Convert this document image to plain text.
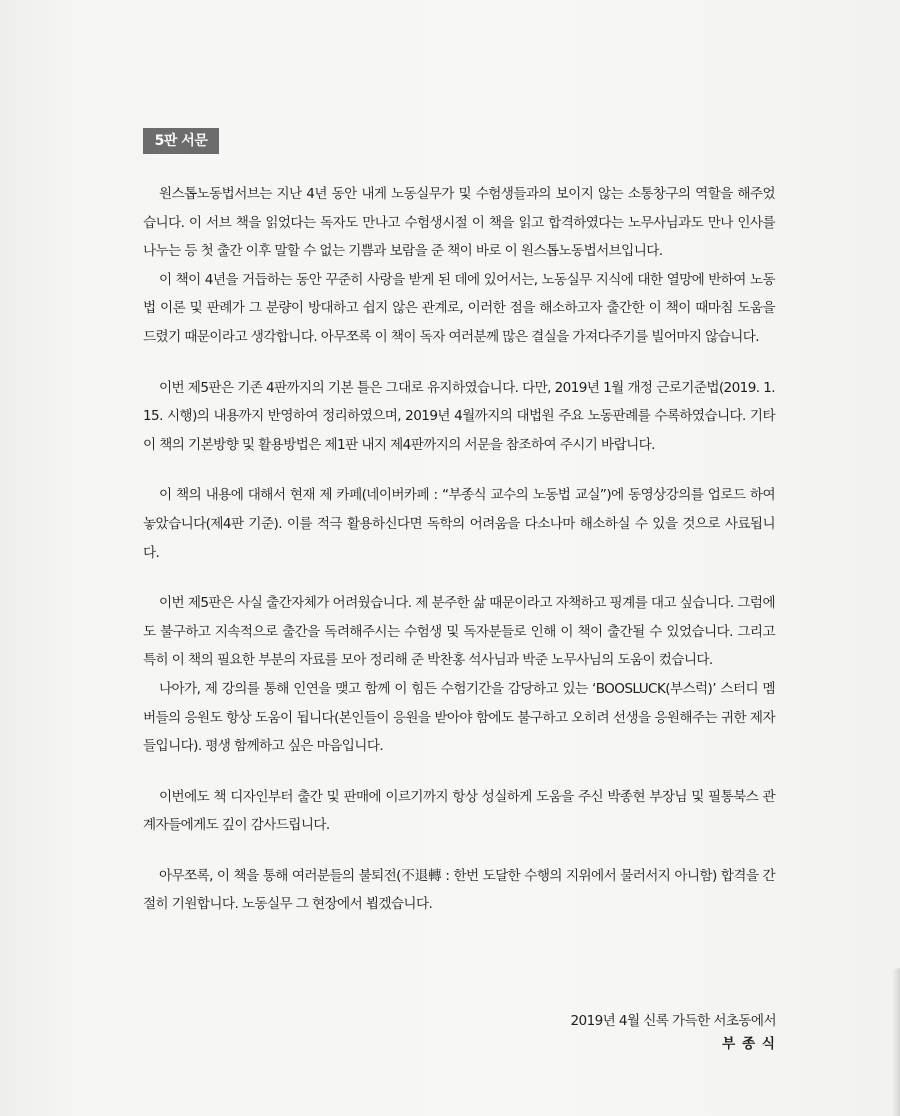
5판 서문

원스톱노동법서브는 지난 4년 동안 내게 노동실무가 및 수험생들과의 보이지 않는 소통창구의 역할을 해주었습니다. 이 서브 책을 읽었다는 독자도 만나고 수험생시절 이 책을 읽고 합격하였다는 노무사님과도 만나 인사를 나누는 등 첫 출간 이후 말할 수 없는 기쁨과 보람을 준 책이 바로 이 원스톱노동법서브입니다.

이 책이 4년을 거듭하는 동안 꾸준히 사랑을 받게 된 데에 있어서는, 노동실무 지식에 대한 열망에 반하여 노동법 이론 및 판례가 그 분량이 방대하고 쉽지 않은 관계로, 이러한 점을 해소하고자 출간한 이 책이 때마침 도움을 드렸기 때문이라고 생각합니다. 아무쪼록 이 책이 독자 여러분께 많은 결실을 가져다주기를 빌어마지 않습니다.

이번 제5판은 기존 4판까지의 기본 틀은 그대로 유지하였습니다. 다만, 2019년 1월 개정 근로기준법(2019. 1. 15. 시행)의 내용까지 반영하여 정리하였으며, 2019년 4월까지의 대법원 주요 노동판례를 수록하였습니다. 기타 이 책의 기본방향 및 활용방법은 제1판 내지 제4판까지의 서문을 참조하여 주시기 바랍니다.

이 책의 내용에 대해서 현재 제 카페(네이버카페 : “부종식 교수의 노동법 교실”)에 동영상강의를 업로드 하여 놓았습니다(제4판 기준). 이를 적극 활용하신다면 독학의 어려움을 다소나마 해소하실 수 있을 것으로 사료됩니다.

이번 제5판은 사실 출간자체가 어려웠습니다. 제 분주한 삶 때문이라고 자책하고 핑계를 대고 싶습니다. 그럼에도 불구하고 지속적으로 출간을 독려해주시는 수험생 및 독자분들로 인해 이 책이 출간될 수 있었습니다. 그리고 특히 이 책의 필요한 부분의 자료를 모아 정리해 준 박찬홍 석사님과 박준 노무사님의 도움이 컸습니다.

나아가, 제 강의를 통해 인연을 맺고 함께 이 힘든 수험기간을 감당하고 있는 ‘BOOSLUCK(부스럭)’ 스터디 멤버들의 응원도 항상 도움이 됩니다(본인들이 응원을 받아야 함에도 불구하고 오히려 선생을 응원해주는 귀한 제자들입니다). 평생 함께하고 싶은 마음입니다.

이번에도 책 디자인부터 출간 및 판매에 이르기까지 항상 성실하게 도움을 주신 박종현 부장님 및 필통북스 관계자들에게도 깊이 감사드립니다.

아무쪼록, 이 책을 통해 여러분들의 불퇴전(不退轉 : 한번 도달한 수행의 지위에서 물러서지 아니함) 합격을 간절히 기원합니다. 노동실무 그 현장에서 뵙겠습니다.

2019년 4월 신록 가득한 서초동에서
부 종 식
